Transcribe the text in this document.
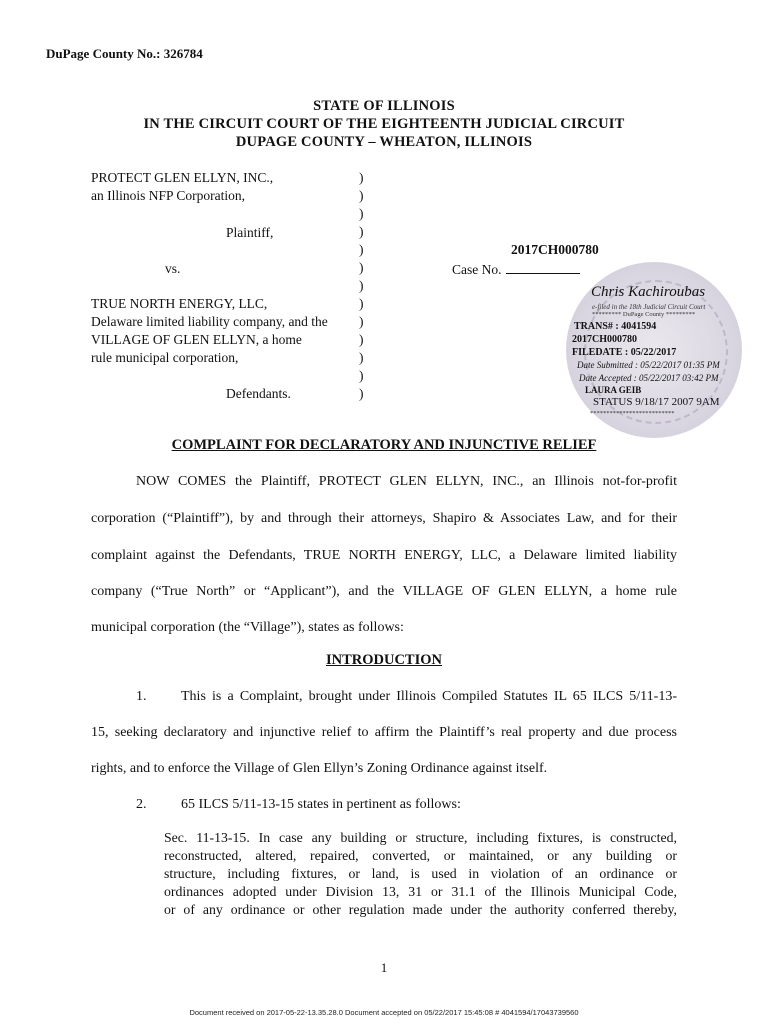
DuPage County No.: 326784
STATE OF ILLINOIS
IN THE CIRCUIT COURT OF THE EIGHTEENTH JUDICIAL CIRCUIT
DUPAGE COUNTY – WHEATON, ILLINOIS
PROTECT GLEN ELLYN, INC.,
an Illinois NFP Corporation,
Plaintiff,
vs.
TRUE NORTH ENERGY, LLC,
Delaware limited liability company, and the
VILLAGE OF GLEN ELLYN, a home
rule municipal corporation,
Defendants.
)
)
)
)
)
)
)
)
)
)
)
)
)
2017CH000780
Case No.
Chris Kachiroubas
e-filed in the 18th Judicial Circuit Court
********* DuPage County *********
TRANS# : 4041594
2017CH000780
FILEDATE : 05/22/2017
Date Submitted : 05/22/2017 01:35 PM
Date Accepted : 05/22/2017 03:42 PM
LAURA GEIB
STATUS 9/18/17 2007 9AM
**************************
COMPLAINT FOR DECLARATORY AND INJUNCTIVE RELIEF
NOW COMES the Plaintiff, PROTECT GLEN ELLYN, INC., an Illinois not-for-profit
corporation (“Plaintiff”), by and through their attorneys, Shapiro & Associates Law, and for their
complaint against the Defendants, TRUE NORTH ENERGY, LLC, a Delaware limited liability
company (“True North” or “Applicant”), and the VILLAGE OF GLEN ELLYN, a home rule
municipal corporation (the “Village”), states as follows:
INTRODUCTION
1. This is a Complaint, brought under Illinois Compiled Statutes IL 65 ILCS 5/11-13-
15, seeking declaratory and injunctive relief to affirm the Plaintiff’s real property and due process
rights, and to enforce the Village of Glen Ellyn’s Zoning Ordinance against itself.
2. 65 ILCS 5/11-13-15 states in pertinent as follows:
Sec. 11-13-15. In case any building or structure, including fixtures, is constructed,
reconstructed, altered, repaired, converted, or maintained, or any building or
structure, including fixtures, or land, is used in violation of an ordinance or
ordinances adopted under Division 13, 31 or 31.1 of the Illinois Municipal Code,
or of any ordinance or other regulation made under the authority conferred thereby,
1
Document received on 2017-05-22-13.35.28.0 Document accepted on 05/22/2017 15:45:08 # 4041594/17043739560
